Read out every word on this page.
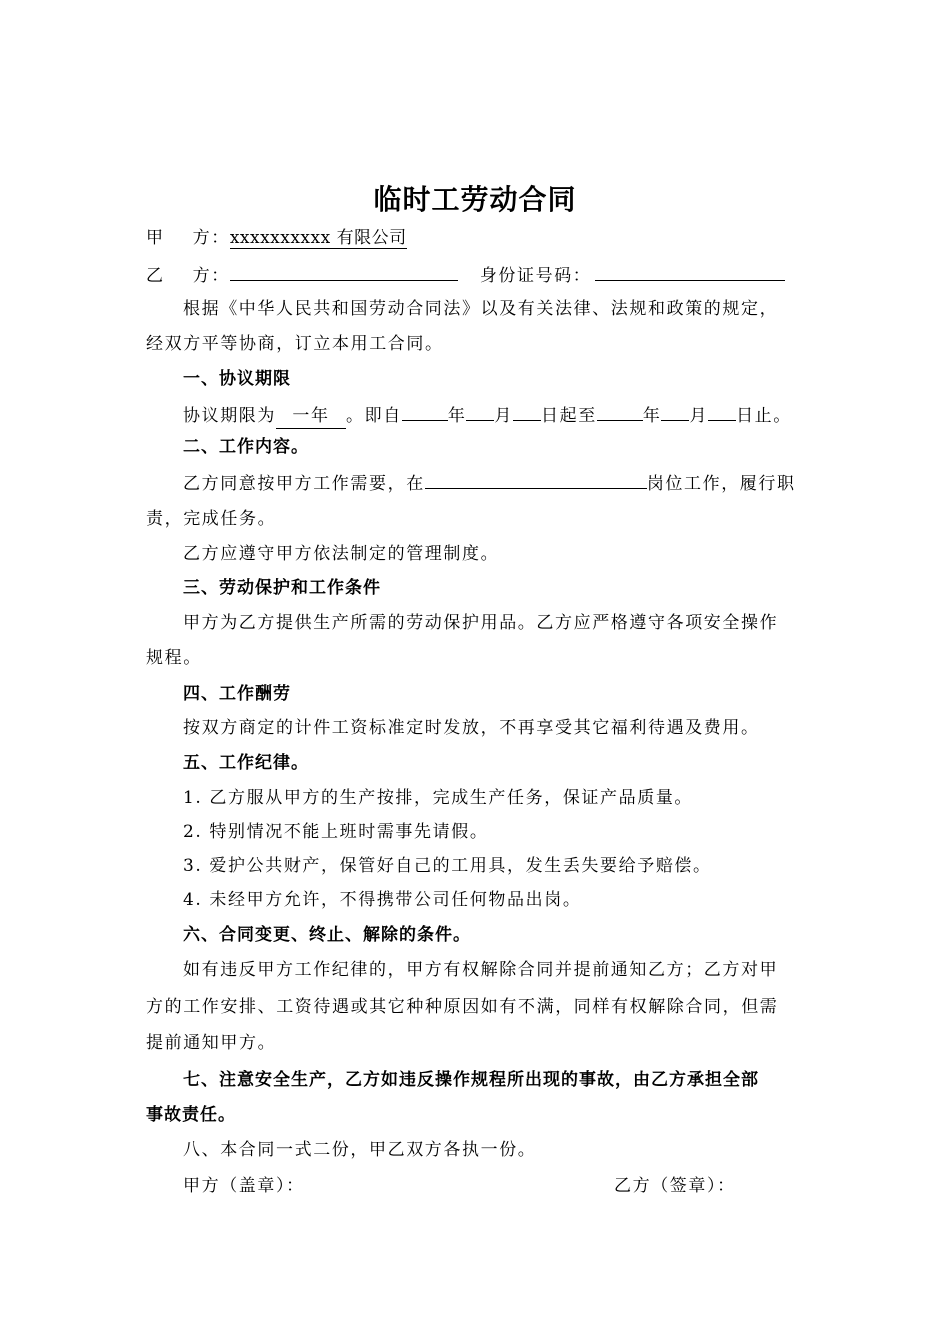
临时工劳动合同
甲 方：xxxxxxxxxx 有限公司
乙 方：	身份证号码：
根据《中华人民共和国劳动合同法》以及有关法律、法规和政策的规定，
经双方平等协商，订立本用工合同。
一、协议期限
协议期限为 一年 。即自	年 月 日起至	年 月 日止。
二、工作内容。
乙方同意按甲方工作需要，在	岗位工作，履行职
责，完成任务。
乙方应遵守甲方依法制定的管理制度。
三、劳动保护和工作条件
甲方为乙方提供生产所需的劳动保护用品。乙方应严格遵守各项安全操作
规程。
四、工作酬劳
按双方商定的计件工资标准定时发放，不再享受其它福利待遇及费用。
五、工作纪律。
1. 乙方服从甲方的生产按排，完成生产任务，保证产品质量。
2. 特别情况不能上班时需事先请假。
3. 爱护公共财产，保管好自己的工用具，发生丢失要给予赔偿。
4. 未经甲方允许，不得携带公司任何物品出岗。
六、合同变更、终止、解除的条件。
如有违反甲方工作纪律的，甲方有权解除合同并提前通知乙方；乙方对甲
方的工作安排、工资待遇或其它种种原因如有不满，同样有权解除合同，但需
提前通知甲方。
七、注意安全生产，乙方如违反操作规程所出现的事故，由乙方承担全部
事故责任。
八、本合同一式二份，甲乙双方各执一份。
甲方（盖章）：	乙方（签章）：
